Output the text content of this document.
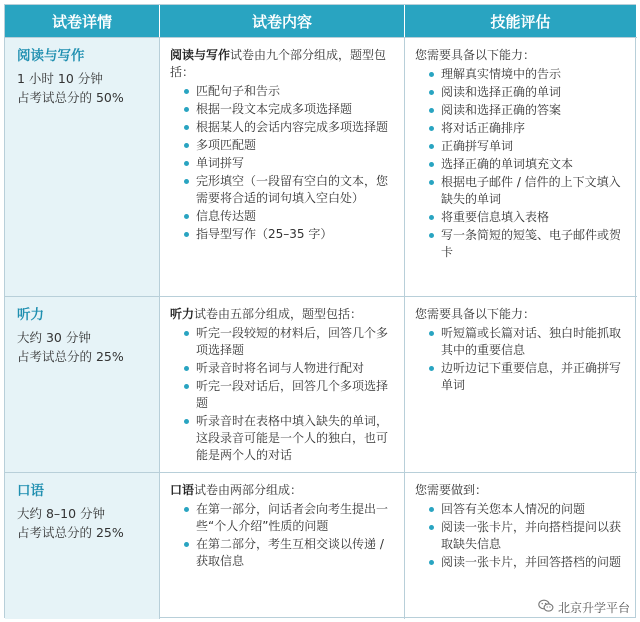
试卷详情	试卷内容	技能评估
阅读与写作
1 小时 10 分钟
占考试总分的 50%
阅读与写作试卷由九个部分组成，题型包括：
匹配句子和告示
根据一段文本完成多项选择题
根据某人的会话内容完成多项选择题
多项匹配题
单词拼写
完形填空（一段留有空白的文本，您需要将合适的词句填入空白处）
信息传达题
指导型写作（25–35 字）
您需要具备以下能力：
理解真实情境中的告示
阅读和选择正确的单词
阅读和选择正确的答案
将对话正确排序
正确拼写单词
选择正确的单词填充文本
根据电子邮件 / 信件的上下文填入缺失的单词
将重要信息填入表格
写一条简短的短笺、电子邮件或贺卡
听力
大约 30 分钟
占考试总分的 25%
听力试卷由五部分组成，题型包括：
听完一段较短的材料后，回答几个多项选择题
听录音时将名词与人物进行配对
听完一段对话后，回答几个多项选择题
听录音时在表格中填入缺失的单词，这段录音可能是一个人的独白，也可能是两个人的对话
您需要具备以下能力：
听短篇或长篇对话、独白时能抓取其中的重要信息
边听边记下重要信息，并正确拼写单词
口语
大约 8–10 分钟
占考试总分的 25%
口语试卷由两部分组成：
在第一部分，问话者会向考生提出一些“个人介绍”性质的问题
在第二部分，考生互相交谈以传递 / 获取信息
您需要做到：
回答有关您本人情况的问题
阅读一张卡片，并向搭档提问以获取缺失信息
阅读一张卡片，并回答搭档的问题
北京升学平台
